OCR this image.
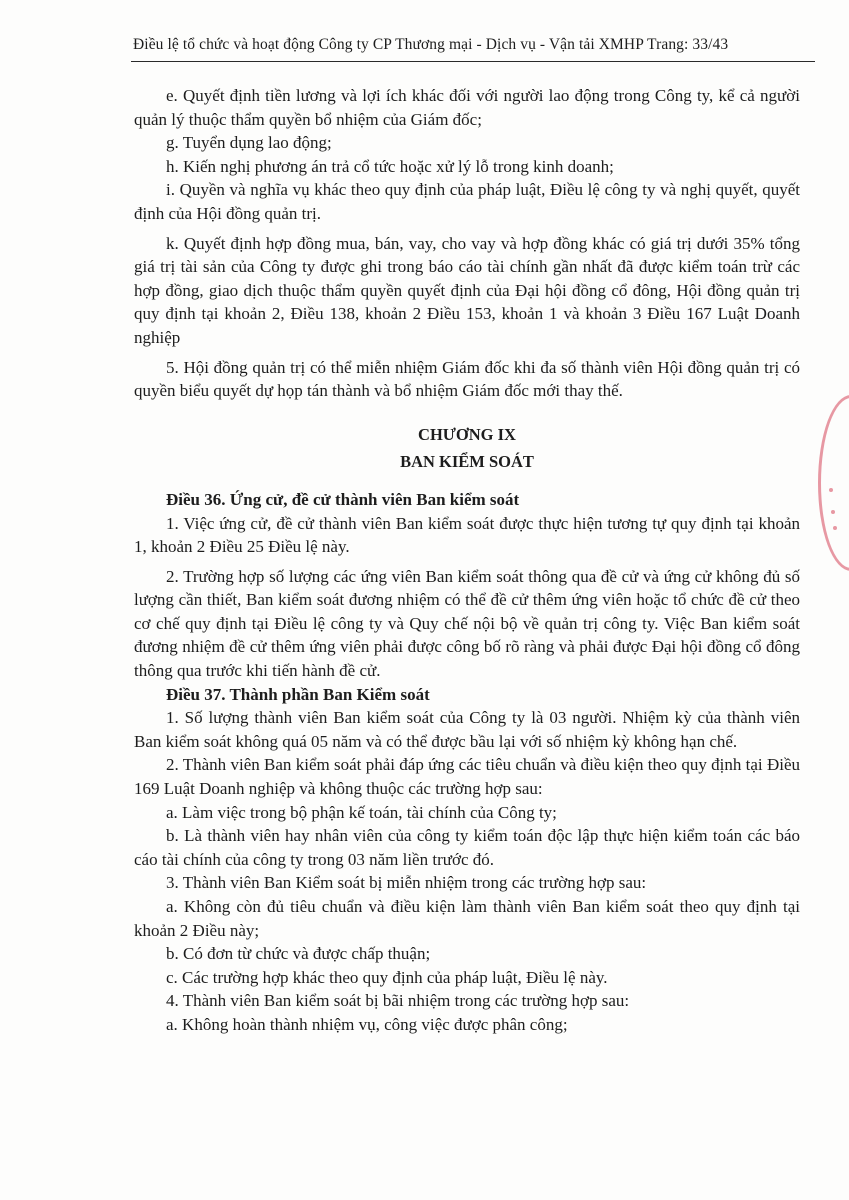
Điều lệ tổ chức và hoạt động Công ty CP Thương mại - Dịch vụ - Vận tải XMHP Trang: 33/43

e. Quyết định tiền lương và lợi ích khác đối với người lao động trong Công ty, kể cả người quản lý thuộc thẩm quyền bổ nhiệm của Giám đốc;

g. Tuyển dụng lao động;

h. Kiến nghị phương án trả cổ tức hoặc xử lý lỗ trong kinh doanh;

i. Quyền và nghĩa vụ khác theo quy định của pháp luật, Điều lệ công ty và nghị quyết, quyết định của Hội đồng quản trị.

k. Quyết định hợp đồng mua, bán, vay, cho vay và hợp đồng khác có giá trị dưới 35% tổng giá trị tài sản của Công ty được ghi trong báo cáo tài chính gần nhất đã được kiểm toán trừ các hợp đồng, giao dịch thuộc thẩm quyền quyết định của Đại hội đồng cổ đông, Hội đồng quản trị quy định tại khoản 2, Điều 138, khoản 2 Điều 153, khoản 1 và khoản 3 Điều 167 Luật Doanh nghiệp

5. Hội đồng quản trị có thể miễn nhiệm Giám đốc khi đa số thành viên Hội đồng quản trị có quyền biểu quyết dự họp tán thành và bổ nhiệm Giám đốc mới thay thế.

CHƯƠNG IX

BAN KIỂM SOÁT

Điều 36. Ứng cử, đề cử thành viên Ban kiểm soát

1. Việc ứng cử, đề cử thành viên Ban kiểm soát được thực hiện tương tự quy định tại khoản 1, khoản 2 Điều 25 Điều lệ này.

2. Trường hợp số lượng các ứng viên Ban kiểm soát thông qua đề cử và ứng cử không đủ số lượng cần thiết, Ban kiểm soát đương nhiệm có thể đề cử thêm ứng viên hoặc tổ chức đề cử theo cơ chế quy định tại Điều lệ công ty và Quy chế nội bộ về quản trị công ty. Việc Ban kiểm soát đương nhiệm đề cử thêm ứng viên phải được công bố rõ ràng và phải được Đại hội đồng cổ đông thông qua trước khi tiến hành đề cử.

Điều 37. Thành phần Ban Kiểm soát

1. Số lượng thành viên Ban kiểm soát của Công ty là 03 người. Nhiệm kỳ của thành viên Ban kiểm soát không quá 05 năm và có thể được bầu lại với số nhiệm kỳ không hạn chế.

2. Thành viên Ban kiểm soát phải đáp ứng các tiêu chuẩn và điều kiện theo quy định tại Điều 169 Luật Doanh nghiệp và không thuộc các trường hợp sau:

a. Làm việc trong bộ phận kế toán, tài chính của Công ty;

b. Là thành viên hay nhân viên của công ty kiểm toán độc lập thực hiện kiểm toán các báo cáo tài chính của công ty trong 03 năm liền trước đó.

3. Thành viên Ban Kiểm soát bị miễn nhiệm trong các trường hợp sau:

a. Không còn đủ tiêu chuẩn và điều kiện làm thành viên Ban kiểm soát theo quy định tại khoản 2 Điều này;

b. Có đơn từ chức và được chấp thuận;

c. Các trường hợp khác theo quy định của pháp luật, Điều lệ này.

4. Thành viên Ban kiểm soát bị bãi nhiệm trong các trường hợp sau:

a. Không hoàn thành nhiệm vụ, công việc được phân công;
